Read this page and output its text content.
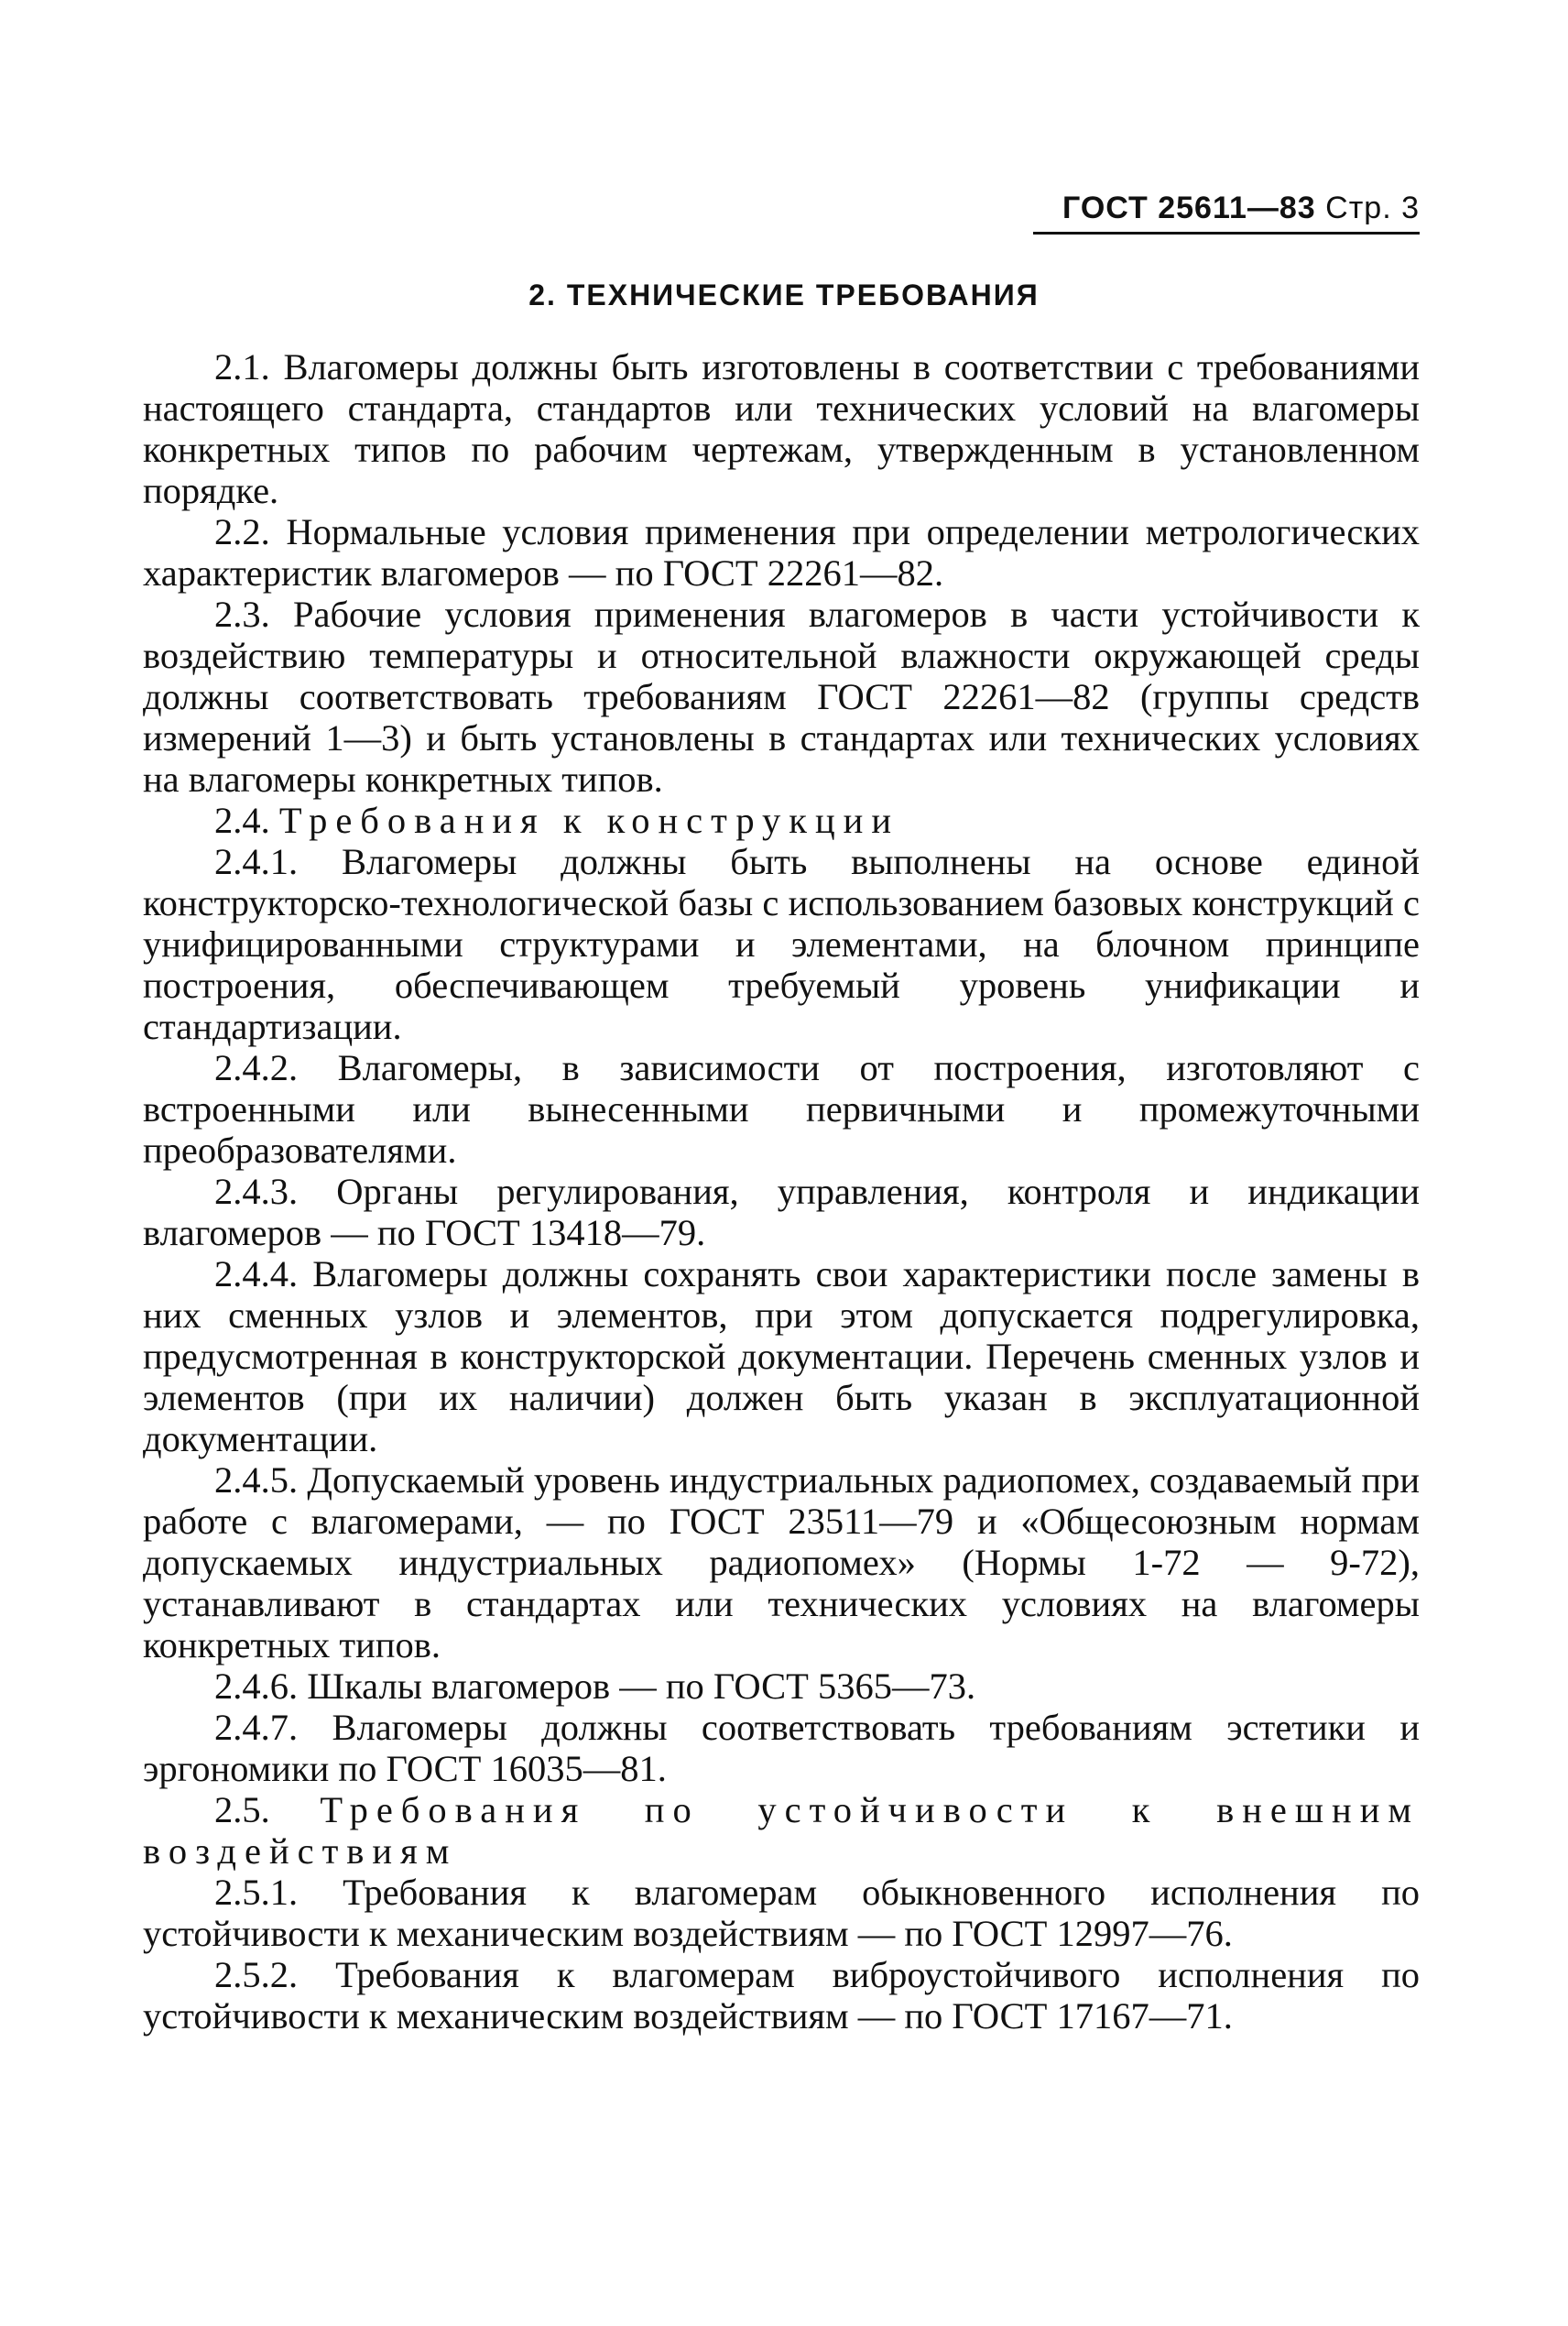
ГОСТ 25611—83 Стр. 3
2. ТЕХНИЧЕСКИЕ ТРЕБОВАНИЯ

2.1. Влагомеры должны быть изготовлены в соответствии с требованиями настоящего стандарта, стандартов или технических условий на влагомеры конкретных типов по рабочим чертежам, утвержденным в установленном порядке.

2.2. Нормальные условия применения при определении метрологических характеристик влагомеров — по ГОСТ 22261—82.

2.3. Рабочие условия применения влагомеров в части устойчивости к воздействию температуры и относительной влажности окружающей среды должны соответствовать требованиям ГОСТ 22261—82 (группы средств измерений 1—3) и быть установлены в стандартах или технических условиях на влагомеры конкретных типов.

2.4. Требования к конструкции

2.4.1. Влагомеры должны быть выполнены на основе единой конструкторско-технологической базы с использованием базовых конструкций с унифицированными структурами и элементами, на блочном принципе построения, обеспечивающем требуемый уровень унификации и стандартизации.

2.4.2. Влагомеры, в зависимости от построения, изготовляют с встроенными или вынесенными первичными и промежуточными преобразователями.

2.4.3. Органы регулирования, управления, контроля и индикации влагомеров — по ГОСТ 13418—79.

2.4.4. Влагомеры должны сохранять свои характеристики после замены в них сменных узлов и элементов, при этом допускается подрегулировка, предусмотренная в конструкторской документации. Перечень сменных узлов и элементов (при их наличии) должен быть указан в эксплуатационной документации.

2.4.5. Допускаемый уровень индустриальных радиопомех, создаваемый при работе с влагомерами, — по ГОСТ 23511—79 и «Общесоюзным нормам допускаемых индустриальных радиопомех» (Нормы 1-72 — 9-72), устанавливают в стандартах или технических условиях на влагомеры конкретных типов.

2.4.6. Шкалы влагомеров — по ГОСТ 5365—73.

2.4.7. Влагомеры должны соответствовать требованиям эстетики и эргономики по ГОСТ 16035—81.

2.5. Требования по устойчивости к внешним воздействиям

2.5.1. Требования к влагомерам обыкновенного исполнения по устойчивости к механическим воздействиям — по ГОСТ 12997—76.

2.5.2. Требования к влагомерам виброустойчивого исполнения по устойчивости к механическим воздействиям — по ГОСТ 17167—71.
